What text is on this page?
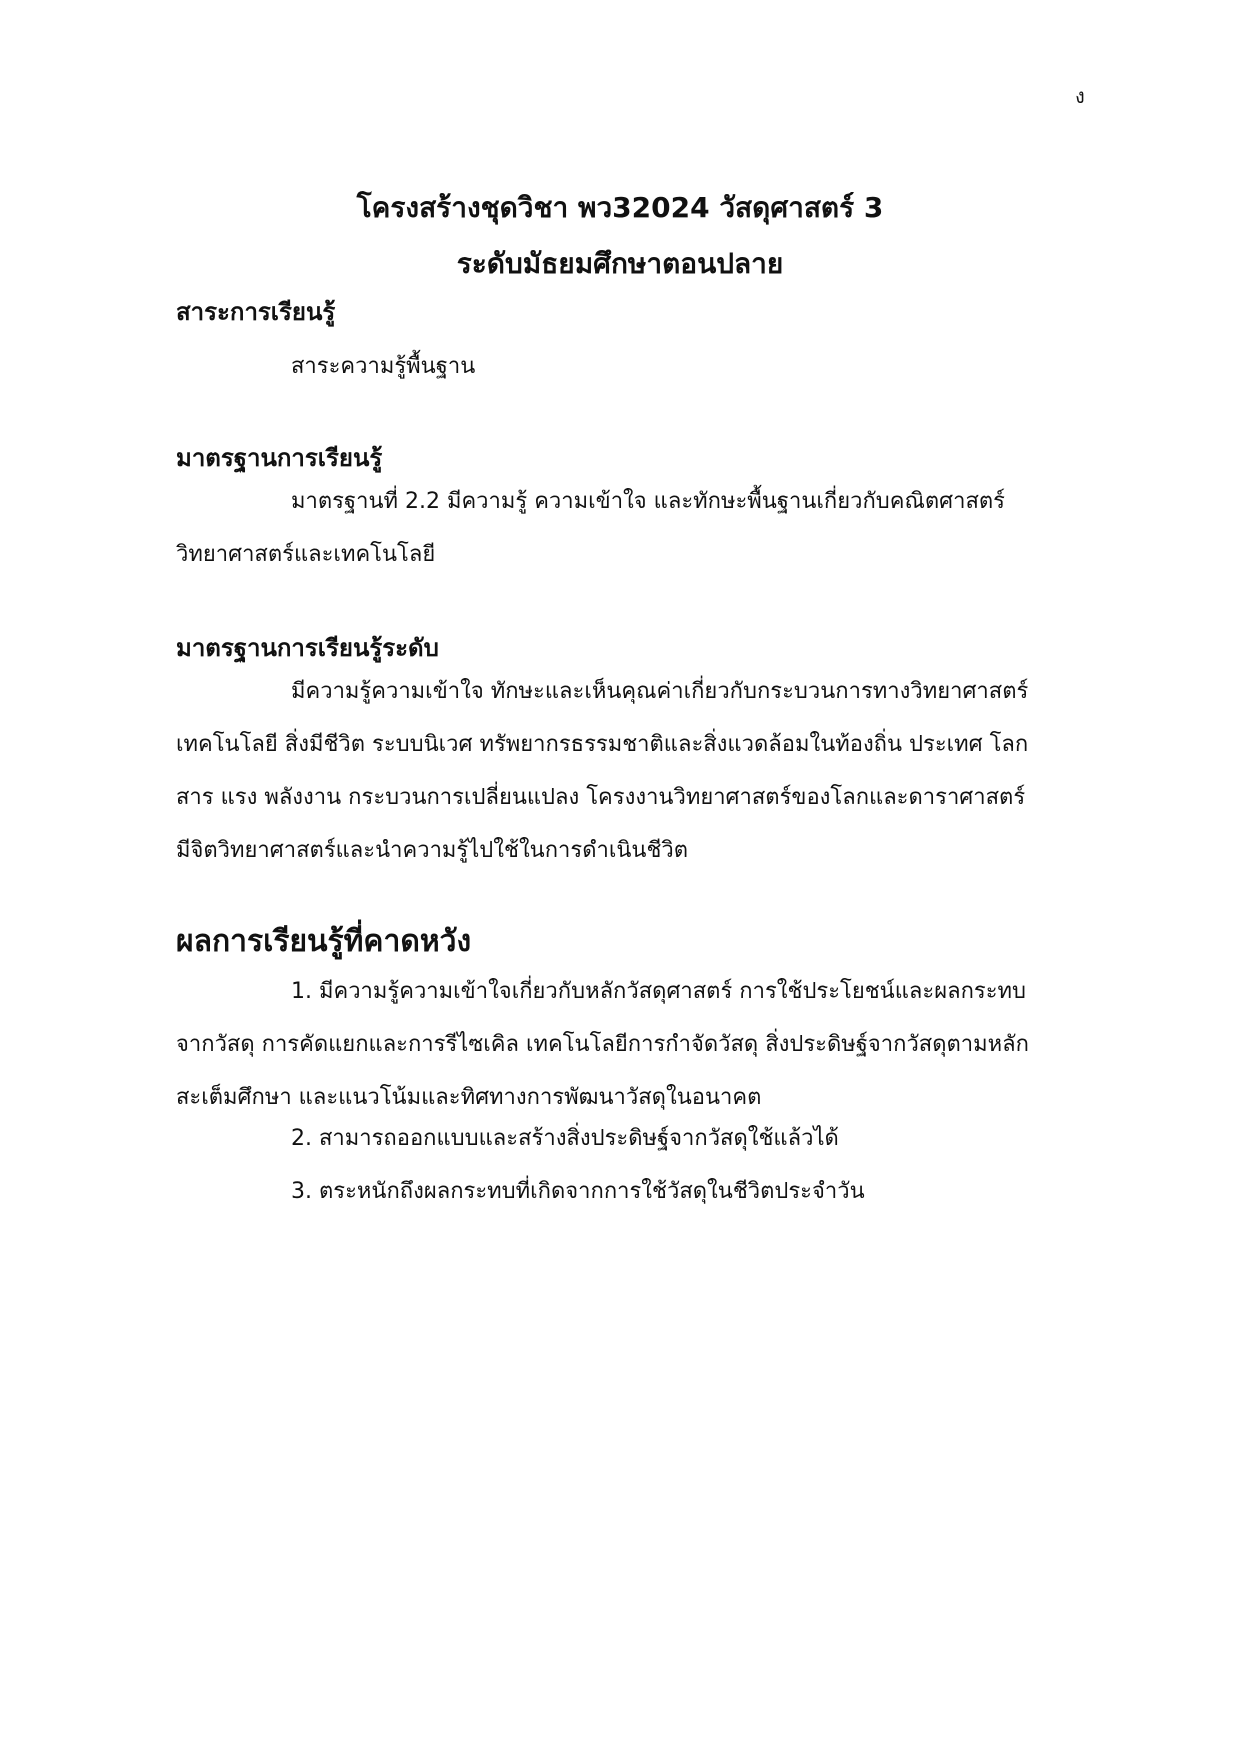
ง

โครงสร้างชุดวิชา พว32024 วัสดุศาสตร์ 3

ระดับมัธยมศึกษาตอนปลาย

สาระการเรียนรู้

สาระความรู้พื้นฐาน

มาตรฐานการเรียนรู้

มาตรฐานที่ 2.2 มีความรู้ ความเข้าใจ และทักษะพื้นฐานเกี่ยวกับคณิตศาสตร์
วิทยาศาสตร์และเทคโนโลยี

มาตรฐานการเรียนรู้ระดับ

มีความรู้ความเข้าใจ ทักษะและเห็นคุณค่าเกี่ยวกับกระบวนการทางวิทยาศาสตร์
เทคโนโลยี สิ่งมีชีวิต ระบบนิเวศ ทรัพยากรธรรมชาติและสิ่งแวดล้อมในท้องถิ่น ประเทศ โลก
สาร แรง พลังงาน กระบวนการเปลี่ยนแปลง โครงงานวิทยาศาสตร์ของโลกและดาราศาสตร์
มีจิตวิทยาศาสตร์และนำความรู้ไปใช้ในการดำเนินชีวิต

ผลการเรียนรู้ที่คาดหวัง

1. มีความรู้ความเข้าใจเกี่ยวกับหลักวัสดุศาสตร์ การใช้ประโยชน์และผลกระทบ
จากวัสดุ การคัดแยกและการรีไซเคิล เทคโนโลยีการกำจัดวัสดุ สิ่งประดิษฐ์จากวัสดุตามหลัก
สะเต็มศึกษา และแนวโน้มและทิศทางการพัฒนาวัสดุในอนาคต

2. สามารถออกแบบและสร้างสิ่งประดิษฐ์จากวัสดุใช้แล้วได้

3. ตระหนักถึงผลกระทบที่เกิดจากการใช้วัสดุในชีวิตประจำวัน
